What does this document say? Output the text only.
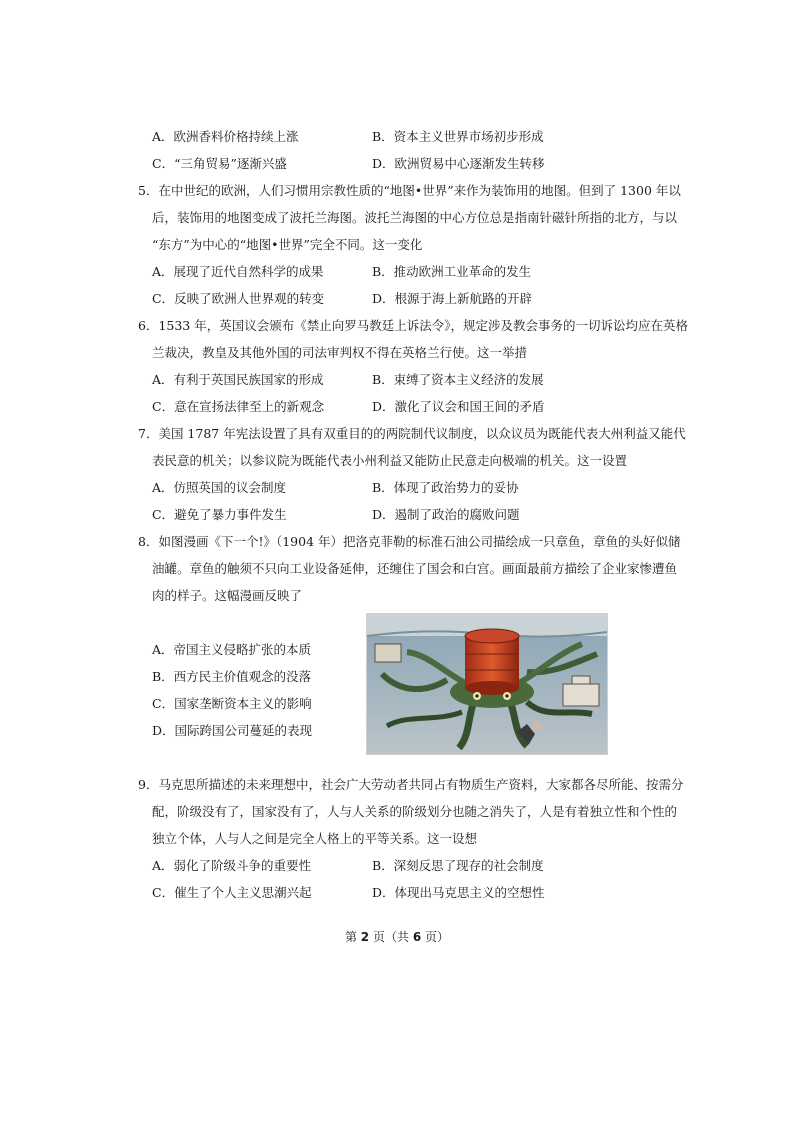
A．欧洲香料价格持续上涨	B．资本主义世界市场初步形成
C．“三角贸易”逐渐兴盛	D．欧洲贸易中心逐渐发生转移
5．在中世纪的欧洲，人们习惯用宗教性质的“地图•世界”来作为装饰用的地图。但到了 1300 年以
后，装饰用的地图变成了波托兰海图。波托兰海图的中心方位总是指南针磁针所指的北方，与以
“东方”为中心的“地图•世界”完全不同。这一变化
A．展现了近代自然科学的成果	B．推动欧洲工业革命的发生
C．反映了欧洲人世界观的转变	D．根源于海上新航路的开辟
6．1533 年，英国议会颁布《禁止向罗马教廷上诉法令》，规定涉及教会事务的一切诉讼均应在英格
兰裁决，教皇及其他外国的司法审判权不得在英格兰行使。这一举措
A．有利于英国民族国家的形成	B．束缚了资本主义经济的发展
C．意在宣扬法律至上的新观念	D．激化了议会和国王间的矛盾
7．美国 1787 年宪法设置了具有双重目的的两院制代议制度，以众议员为既能代表大州利益又能代
表民意的机关；以参议院为既能代表小州利益又能防止民意走向极端的机关。这一设置
A．仿照英国的议会制度	B．体现了政治势力的妥协
C．避免了暴力事件发生	D．遏制了政治的腐败问题
8．如图漫画《下一个!》（1904 年）把洛克菲勒的标准石油公司描绘成一只章鱼，章鱼的头好似储
油罐。章鱼的触须不只向工业设备延伸，还缠住了国会和白宫。画面最前方描绘了企业家惨遭鱼
肉的样子。这幅漫画反映了
A．帝国主义侵略扩张的本质
B．西方民主价值观念的没落
C．国家垄断资本主义的影响
D．国际跨国公司蔓延的表现
9．马克思所描述的未来理想中，社会广大劳动者共同占有物质生产资料，大家都各尽所能、按需分
配，阶级没有了，国家没有了，人与人关系的阶级划分也随之消失了，人是有着独立性和个性的
独立个体，人与人之间是完全人格上的平等关系。这一设想
A．弱化了阶级斗争的重要性	B．深刻反思了现存的社会制度
C．催生了个人主义思潮兴起	D．体现出马克思主义的空想性
第 2 页（共 6 页）
